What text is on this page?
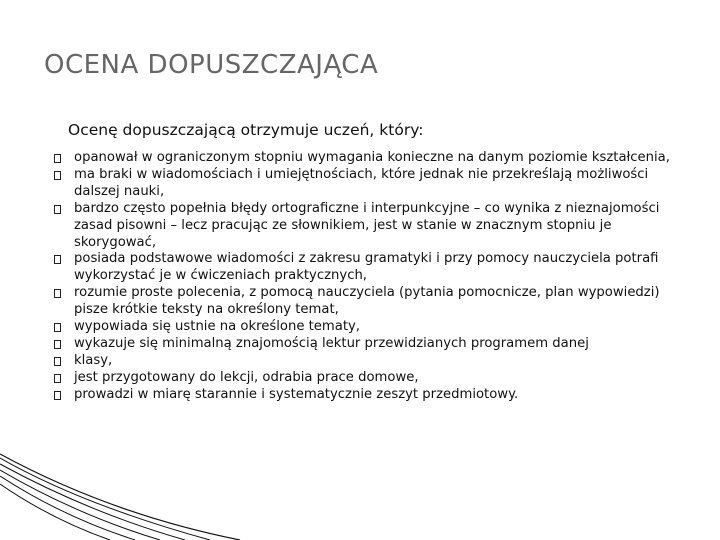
OCENA DOPUSZCZAJĄCA
Ocenę dopuszczającą otrzymuje uczeń, który:
opanował w ograniczonym stopniu wymagania konieczne na danym poziomie kształcenia,
ma braki w wiadomościach i umiejętnościach, które jednak nie przekreślają możliwości dalszej nauki,
bardzo często popełnia błędy ortograficzne i interpunkcyjne – co wynika z nieznajomości zasad pisowni – lecz pracując ze słownikiem, jest w stanie w znacznym stopniu je skorygować,
posiada podstawowe wiadomości z zakresu gramatyki i przy pomocy nauczyciela potrafi wykorzystać je w ćwiczeniach praktycznych,
rozumie proste polecenia, z pomocą nauczyciela (pytania pomocnicze, plan wypowiedzi) pisze krótkie teksty na określony temat,
wypowiada się ustnie na określone tematy,
wykazuje się minimalną znajomością lektur przewidzianych programem danej
klasy,
jest przygotowany do lekcji, odrabia prace domowe,
prowadzi w miarę starannie i systematycznie zeszyt przedmiotowy.
